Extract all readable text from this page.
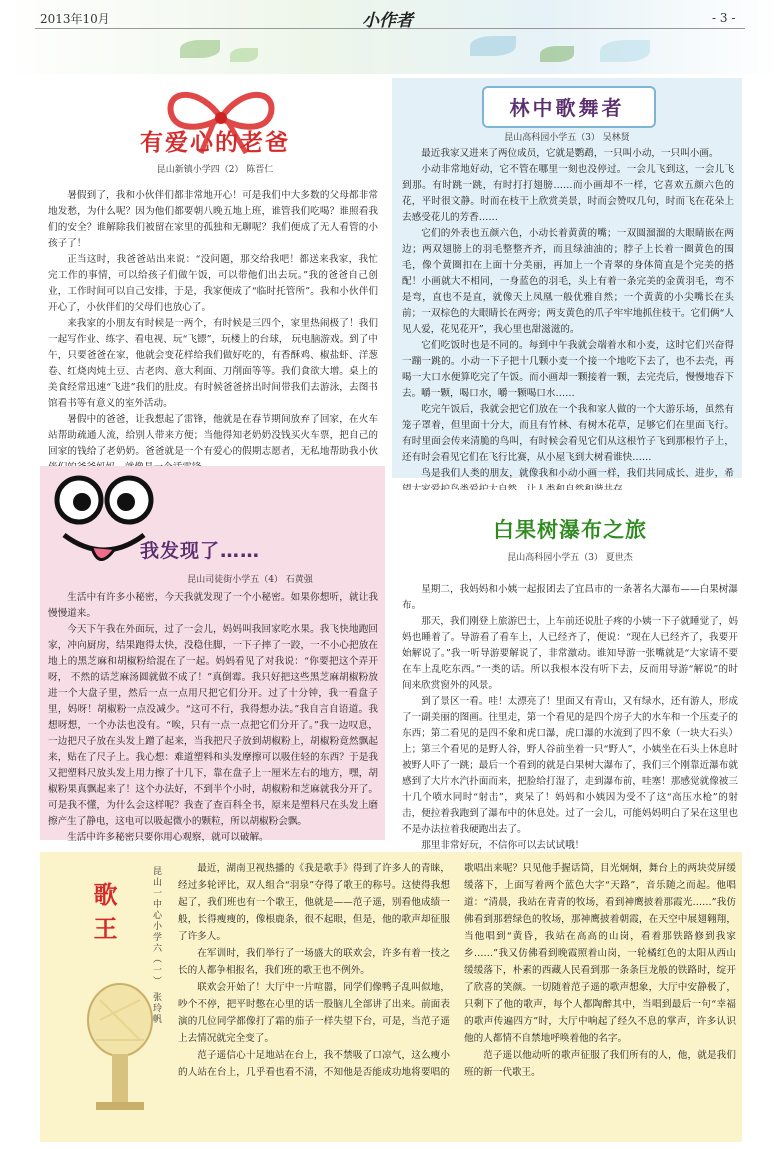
2013年10月	小作者	- 3 -
有爱心的老爸
昆山新镇小学四（2） 陈晋仁

暑假到了，我和小伙伴们都非常地开心！可是我们中大多数的父母都非常地发愁，为什么呢？因为他们都要朝八晚五地上班，谁管我们吃喝？谁照看我们的安全？谁解除我们被留在家里的孤独和无聊呢？我们便成了无人看管的小孩子了！

正当这时，我爸爸站出来说：“没问题，那交给我吧！都送来我家，我忙完工作的事情，可以给孩子们做午饭，可以带他们出去玩。”我的爸爸自己创业，工作时间可以自己安排，于是，我家便成了“临时托管所”。我和小伙伴们开心了，小伙伴们的父母们也放心了。

来我家的小朋友有时候是一两个，有时候是三四个，家里热闹极了！我们一起写作业、练字、看电视、玩“飞镖”，玩楼上的台球， 玩电脑游戏。到了中午，只要爸爸在家，他就会变花样给我们做好吃的，有香酥鸡、椒盐虾、洋葱卷、红烧肉炖土豆、古老肉、意大利面、刀削面等等。我们食欲大增。桌上的美食经常迅速“飞进”我们的肚皮。有时候爸爸挤出时间带我们去游泳，去图书馆看书等有意义的室外活动。

暑假中的爸爸，让我想起了雷锋，他就是在春节期间放弃了回家，在火车站帮助疏通人流，给别人带来方便；当他得知老奶奶没钱买火车票，把自己的回家的钱给了老奶奶。爸爸就是一个有爱心的假期志愿者，无私地帮助我小伙

林中歌舞者
昆山高科园小学五（3） 吴林贤

最近我家又进来了两位成员，它就是鹦鹉，一只叫小动，一只叫小画。

小动非常地好动，它不管在哪里一刻也没停过。一会儿飞到这，一会儿飞到那。有时跳一跳，有时打打翅膀……而小画却不一样，它喜欢五颜六色的花，平时很文静。时而在枝干上欣赏美景，时而会赞叹几句，时而飞在花朵上去感受花儿的芳香……

它们的外表也五颜六色，小动长着黄黄的嘴；一双圆溜溜的大眼睛嵌在两边；两双翅膀上的羽毛整整齐齐，而且绿油油的；脖子上长着一圈黄色的围毛，像个黄圈扣在上面十分美丽，再加上一个青翠的身体简直是个完美的搭配！小画就大不相同，一身蓝色的羽毛，头上有着一条完美的金黄羽毛，弯不是弯，直也不是直，就像天上凤凰一般优雅自然；一个黄黄的小尖嘴长在头前；一双棕色的大眼睛长在两旁；两支黄色的爪子牢牢地抓住枝干。它们俩“人见人爱，花见花开”，我心里也甜滋滋的。

它们吃饭时也是不同的。每到中午我就会端着水和小麦，这时它们兴奋得一蹦一跳的。小动一下子把十几颗小麦一个接一个地吃下去了，也不去壳，再喝一大口水便算吃完了午饭。而小画却一颗接着一颗，去完壳后，慢慢地吞下去。嚼一颗，喝口水，嚼一颗喝口水……

吃完午饭后，我就会把它们放在一个我和家人做的一个大游乐场，虽然有笼子罩着，但里面十分大，而且有竹林、有树木花草，足够它们在里面飞行。有时里面会传来清脆的鸟叫，有时候会看见它们从这根竹子飞到那根竹子上，还有时会看见它们在飞行比赛，从小屋飞到大树看谁快……

鸟是我们人类的朋友，就像我和小动小画一样，我们共同成长、进步，希

我发现了……
昆山司徒街小学五（4） 石黄强

生活中有许多小秘密，今天我就发现了一个小秘密。如果你想听，就让我慢慢道来。

今天下午我在外面玩，过了一会儿，妈妈叫我回家吃水果。我飞快地跑回家，冲向厨房，结果跑得太快，没稳住脚，一下子摔了一跤，一不小心把放在地上的黑芝麻和胡椒粉给混在了一起。妈妈看见了对我说：“你要把这个弄开呀， 不然的话芝麻汤圆就做不成了！”真倒霉。我只好把这些黑芝麻胡椒粉放进一个大盘子里，然后一点一点用尺把它们分开。过了十分钟，我一看盘子里，妈呀！胡椒粉一点没减少。“这可不行，我得想办法。”我自言自语道。我想呀想，一个办法也没有。“唉，只有一点一点把它们分开了。”我一边叹息，一边把尺子放在头发上蹭了起来，当我把尺子放到胡椒粉上，胡椒粉竟然飘起来，贴在了尺子上。我心想：难道塑料和头发摩擦可以吸住轻的东西？于是我又把塑料尺放头发上用力擦了十几下，靠在盘子上一厘米左右的地方，嘿，胡椒粉果真飘起来了！这个办法好，不到半个小时，胡椒粉和芝麻就我分开了。可是我不懂，为什么会这样呢？我查了查百科全书，原来是塑料尺在头发上磨擦产生了静电，这电可以吸起微小的颗粒，所以胡椒粉会飘。

生活中许多秘密只要你用心观察，就可以破解。

白果树瀑布之旅
昆山高科园小学五（3） 夏世杰

星期二，我妈妈和小姨一起报团去了宜昌市的一条著名大瀑布——白果树瀑布。

那天，我们刚登上旅游巴士，上车前还说肚子疼的小姨一下子就睡觉了，妈妈也睡着了。导游看了看车上，人已经齐了，便说：“现在人已经齐了，我要开始解说了。”我一听导游要解说了，非常激动。谁知导游一张嘴就是“大家请不要在车上乱吃东西。”一类的话。所以我根本没有听下去，反而用导游“解说”的时间来欣赏窗外的风景。

到了景区一看。哇！太漂亮了！里面又有青山，又有绿水，还有游人，形成了一副美丽的图画。往里走，第一个看见的是四个房子大的水车和一个压麦子的东西；第二看见的是四不象和虎口瀑，虎口瀑的水流到了四不象（一块大石头）上；第三个看见的是野人谷，野人谷前坐着一只“野人”，小姨坐在石头上休息时被野人吓了一跳；最后一个看到的就是白果树大瀑布了，我们三个刚靠近瀑布就感到了大片水汽扑面而来，把脸给打湿了，走到瀑布前，哇塞！那感觉就像被三十几个喷水同时“射击”，爽呆了！妈妈和小姨因为受不了这“高压水枪”的射击，便拉着我跑到了瀑布中的休息处。过了一会儿，可能妈妈明白了呆在这里也不是办法拉着我硬跑出去了。

那里非常好玩，不信你可以去试试哦！

歌王	昆山一中心小学六（一） 张玲帆	最近，湖南卫视热播的《我是歌手》得到了许多人的青睐，经过多轮评比，双人组合“羽泉”夺得了歌王的称号。这使得我想起了，我们班也有一个歌王，他就是——范子遥，别看他成绩一般，长得瘦瘦的，像根鹿条，很不起眼，但是，他的歌声却征服了许多人。

在军训时，我们举行了一场盛大的联欢会，许多有着一技之长的人都争相报名，我们班的歌王也不例外。

联欢会开始了！大厅中一片喧嚣，同学们像鸭子乱叫似地，吵个不停，把平时憋在心里的话一股脑儿全部讲了出来。前面表演的几位同学都像打了霜的茄子一样失望下台，可是，当范子遥上去情况就完全变了。

范子遥信心十足地站在台上，我不禁吸了口凉气，这么瘦小的人站在台上，几乎看也看不清，不知他是否能成功地将要唱的歌唱出来呢？只见他手握话筒，目光炯炯，舞台上的两块荧屏缓缓落下，上面写着两个蓝色大字“天路”，音乐随之而起。他唱道：“清晨，我站在青青的牧场，看到神鹰披着那霞光……”我仿佛看到那碧绿色的牧场，那神鹰披着朝霞，在天空中展翅翱翔，当他唱到“黄昏，我站在高高的山岗，看着那铁路修到我家乡……”我又仿佛看到晚霞照着山岗，一轮橘红色的太阳从西山缓缓落下，朴素的西藏人民看到那一条条巨龙般的铁路时，绽开了欣喜的笑颜。一切随着范子遥的歌声想象，大厅中安静极了，只剩下了他的歌声，每个人都陶醉其中，当唱到最后一句“幸福的歌声传遍四方”时，大厅中响起了经久不息的掌声，许多认识他的人都情不自禁地呼唤着他的名字。

范子遥以他动听的歌声征服了我们所有的人，他，就是我们班的新一代歌王。
